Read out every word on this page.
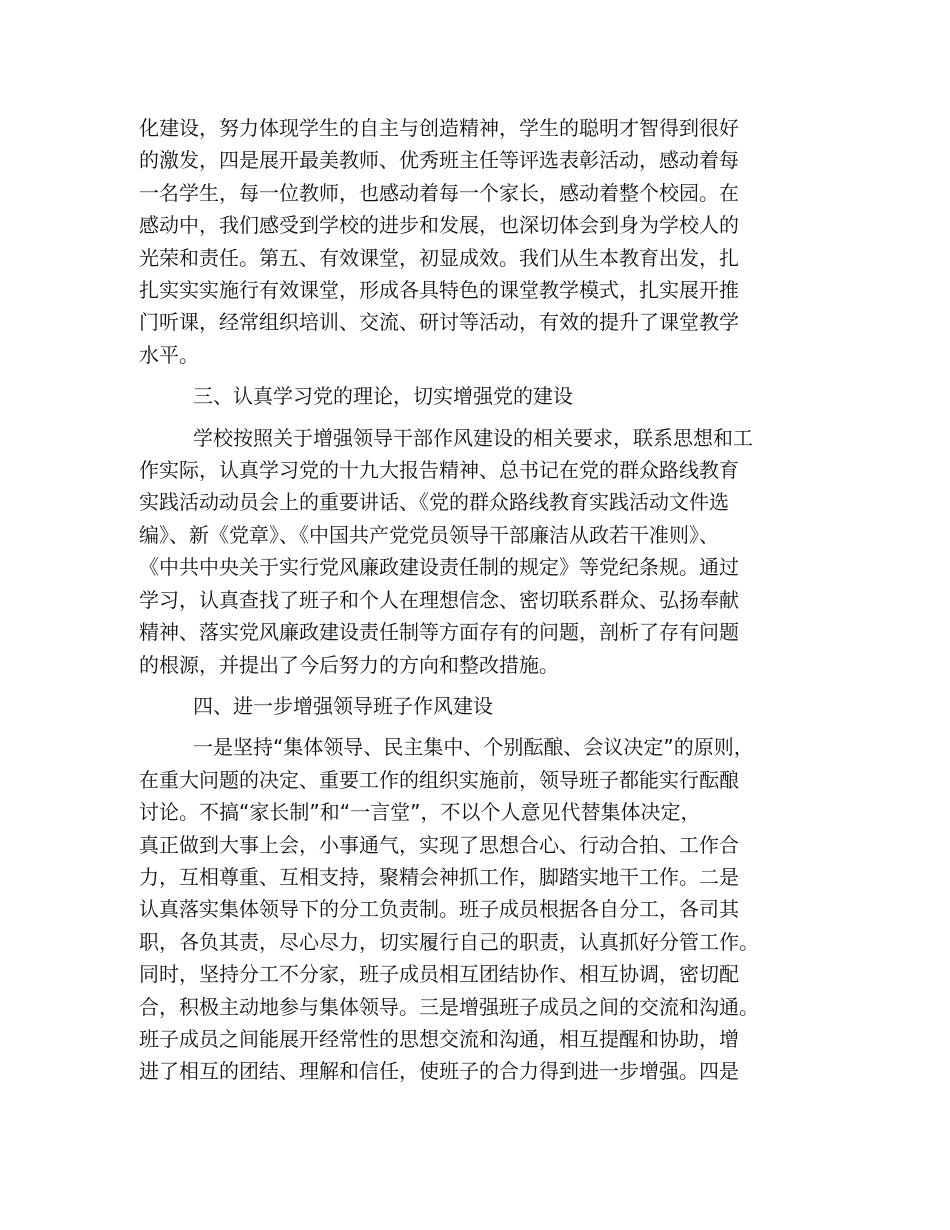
化建设，努力体现学生的自主与创造精神，学生的聪明才智得到很好
的激发，四是展开最美教师、优秀班主任等评选表彰活动，感动着每
一名学生，每一位教师，也感动着每一个家长，感动着整个校园。在
感动中，我们感受到学校的进步和发展，也深切体会到身为学校人的
光荣和责任。第五、有效课堂，初显成效。我们从生本教育出发，扎
扎实实实施行有效课堂，形成各具特色的课堂教学模式，扎实展开推
门听课，经常组织培训、交流、研讨等活动，有效的提升了课堂教学
水平。

三、认真学习党的理论，切实增强党的建设

学校按照关于增强领导干部作风建设的相关要求，联系思想和工
作实际，认真学习党的十九大报告精神、总书记在党的群众路线教育
实践活动动员会上的重要讲话、《党的群众路线教育实践活动文件选
编》、新《党章》、《中国共产党党员领导干部廉洁从政若干准则》、
《中共中央关于实行党风廉政建设责任制的规定》等党纪条规。通过
学习，认真查找了班子和个人在理想信念、密切联系群众、弘扬奉献
精神、落实党风廉政建设责任制等方面存有的问题，剖析了存有问题
的根源，并提出了今后努力的方向和整改措施。

四、进一步增强领导班子作风建设

一是坚持“集体领导、民主集中、个别酝酿、会议决定”的原则，
在重大问题的决定、重要工作的组织实施前，领导班子都能实行酝酿
讨论。不搞“家长制”和“一言堂”，不以个人意见代替集体决定，
真正做到大事上会，小事通气，实现了思想合心、行动合拍、工作合
力，互相尊重、互相支持，聚精会神抓工作，脚踏实地干工作。二是
认真落实集体领导下的分工负责制。班子成员根据各自分工，各司其
职，各负其责，尽心尽力，切实履行自己的职责，认真抓好分管工作。
同时，坚持分工不分家，班子成员相互团结协作、相互协调，密切配
合，积极主动地参与集体领导。三是增强班子成员之间的交流和沟通。
班子成员之间能展开经常性的思想交流和沟通，相互提醒和协助，增
进了相互的团结、理解和信任，使班子的合力得到进一步增强。四是
